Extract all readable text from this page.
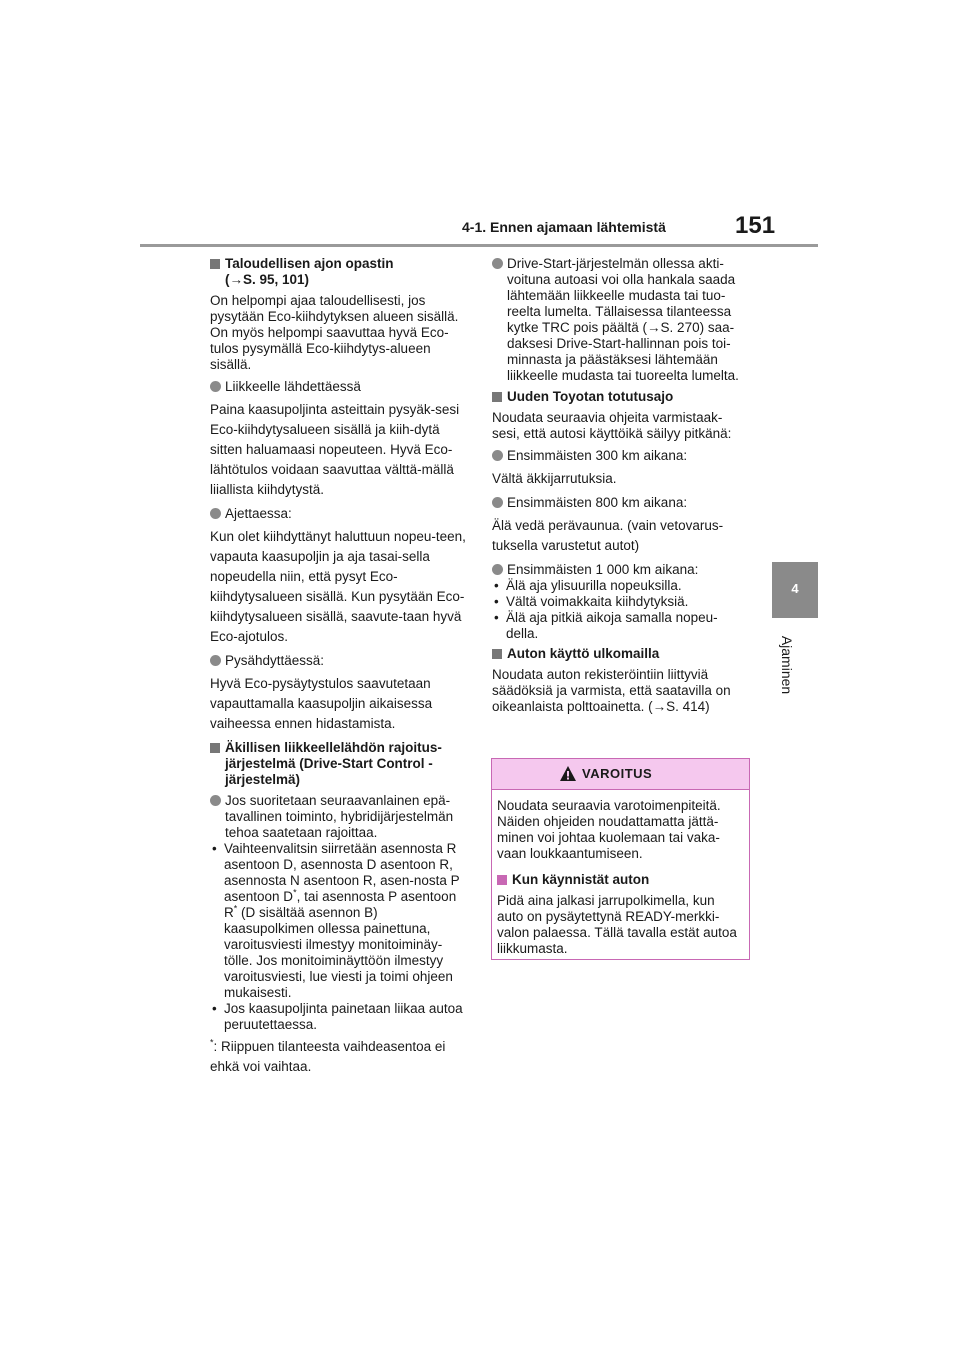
4-1. Ennen ajamaan lähtemistä	151
4
Ajaminen
Taloudellisen ajon opastin
(→S. 95, 101)
On helpompi ajaa taloudellisesti, jos pysytään Eco-kiihdytyksen alueen sisällä. On myös helpompi saavuttaa hyvä Eco-tulos pysymällä Eco-kiihdytys-alueen sisällä.
Liikkeelle lähdettäessä
Paina kaasupoljinta asteittain pysyäk-sesi Eco-kiihdytysalueen sisällä ja kiih-dytä sitten haluamaasi nopeuteen. Hyvä Eco-lähtötulos voidaan saavuttaa välttä-mällä liiallista kiihdytystä.
Ajettaessa:
Kun olet kiihdyttänyt haluttuun nopeu-teen, vapauta kaasupoljin ja aja tasai-sella nopeudella niin, että pysyt Eco-kiihdytysalueen sisällä. Kun pysytään Eco-kiihdytysalueen sisällä, saavute-taan hyvä Eco-ajotulos.
Pysähdyttäessä:
Hyvä Eco-pysäytystulos saavutetaan vapauttamalla kaasupoljin aikaisessa vaiheessa ennen hidastamista.
Äkillisen liikkeellelähdön rajoitus-järjestelmä (Drive-Start Control -järjestelmä)
Jos suoritetaan seuraavanlainen epä-tavallinen toiminto, hybridijärjestelmän tehoa saatetaan rajoittaa.
• Vaihteenvalitsin siirretään asennosta R asentoon D, asennosta D asentoon R, asennosta N asentoon R, asen-nosta P asentoon D*, tai asennosta P asentoon R* (D sisältää asennon B) kaasupolkimen ollessa painettuna, varoitusviesti ilmestyy monitoiminäy-tölle. Jos monitoiminäyttöön ilmestyy varoitusviesti, lue viesti ja toimi ohjeen mukaisesti.
• Jos kaasupoljinta painetaan liikaa autoa peruutettaessa.
*: Riippuen tilanteesta vaihdeasentoa ei ehkä voi vaihtaa.
Drive-Start-järjestelmän ollessa akti-voituna autoasi voi olla hankala saada lähtemään liikkeelle mudasta tai tuo-reelta lumelta. Tällaisessa tilanteessa kytke TRC pois päältä (→S. 270) saa-daksesi Drive-Start-hallinnan pois toi-minnasta ja päästäksesi lähtemään liikkeelle mudasta tai tuoreelta lumelta.
Uuden Toyotan totutusajo
Noudata seuraavia ohjeita varmistaak-sesi, että autosi käyttöikä säilyy pitkänä:
Ensimmäisten 300 km aikana:
Vältä äkkijarrutuksia.
Ensimmäisten 800 km aikana:
Älä vedä perävaunua. (vain vetovarus-tuksella varustetut autot)
Ensimmäisten 1 000 km aikana:
• Älä aja ylisuurilla nopeuksilla.
• Vältä voimakkaita kiihdytyksiä.
• Älä aja pitkiä aikoja samalla nopeu-della.
Auton käyttö ulkomailla
Noudata auton rekisteröintiin liittyviä säädöksiä ja varmista, että saatavilla on oikeanlaista polttoainetta. (→S. 414)
VAROITUS
Noudata seuraavia varotoimenpiteitä. Näiden ohjeiden noudattamatta jättä-minen voi johtaa kuolemaan tai vaka-vaan loukkaantumiseen.
Kun käynnistät auton
Pidä aina jalkasi jarrupolkimella, kun auto on pysäytettynä READY-merkki-valon palaessa. Tällä tavalla estät autoa liikkumasta.
